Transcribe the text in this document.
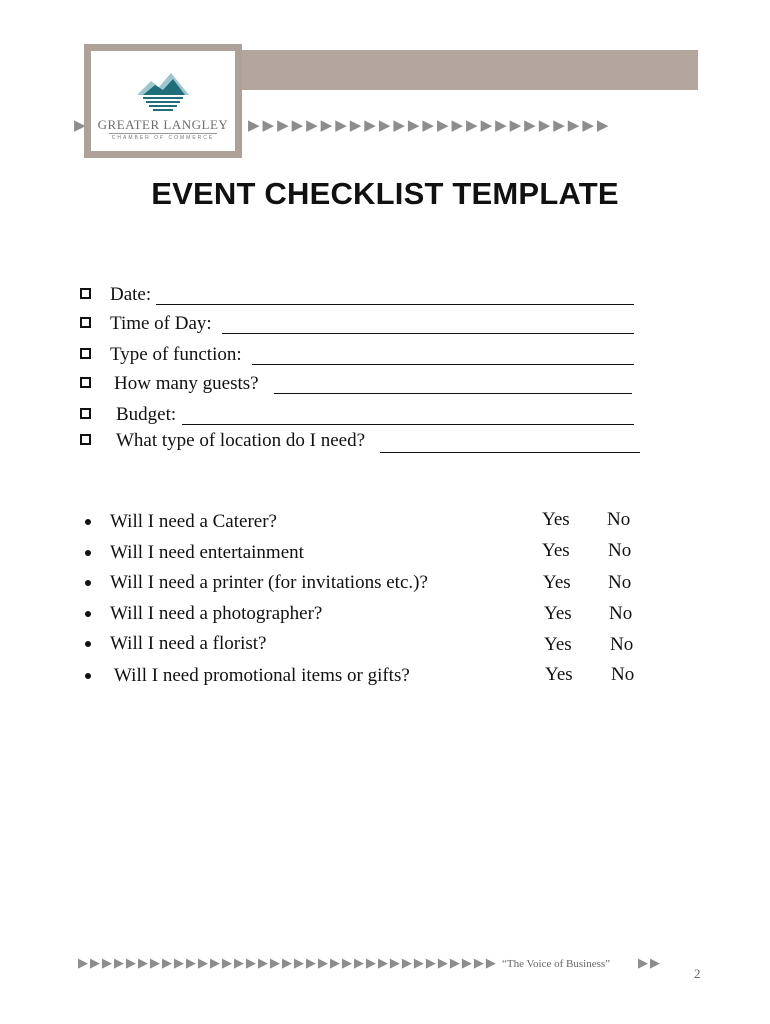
GREATER LANGLEY
CHAMBER OF COMMERCE
▶	▶▶▶▶▶▶▶▶▶▶▶▶▶▶▶▶▶▶▶▶▶▶▶▶▶
EVENT CHECKLIST TEMPLATE
Date:
Time of Day:
Type of function:
How many guests?
Budget:
What type of location do I need?
Will I need a Caterer?	Yes No
Will I need entertainment	Yes No
Will I need a printer (for invitations etc.)?	Yes No
Will I need a photographer?	Yes No
Will I need a florist?	Yes No
Will I need promotional items or gifts?	Yes No
▶▶▶▶▶▶▶▶▶▶▶▶▶▶▶▶▶▶▶▶▶▶▶▶▶▶▶▶▶▶▶▶▶▶▶ “The Voice of Business” ▶▶
2
